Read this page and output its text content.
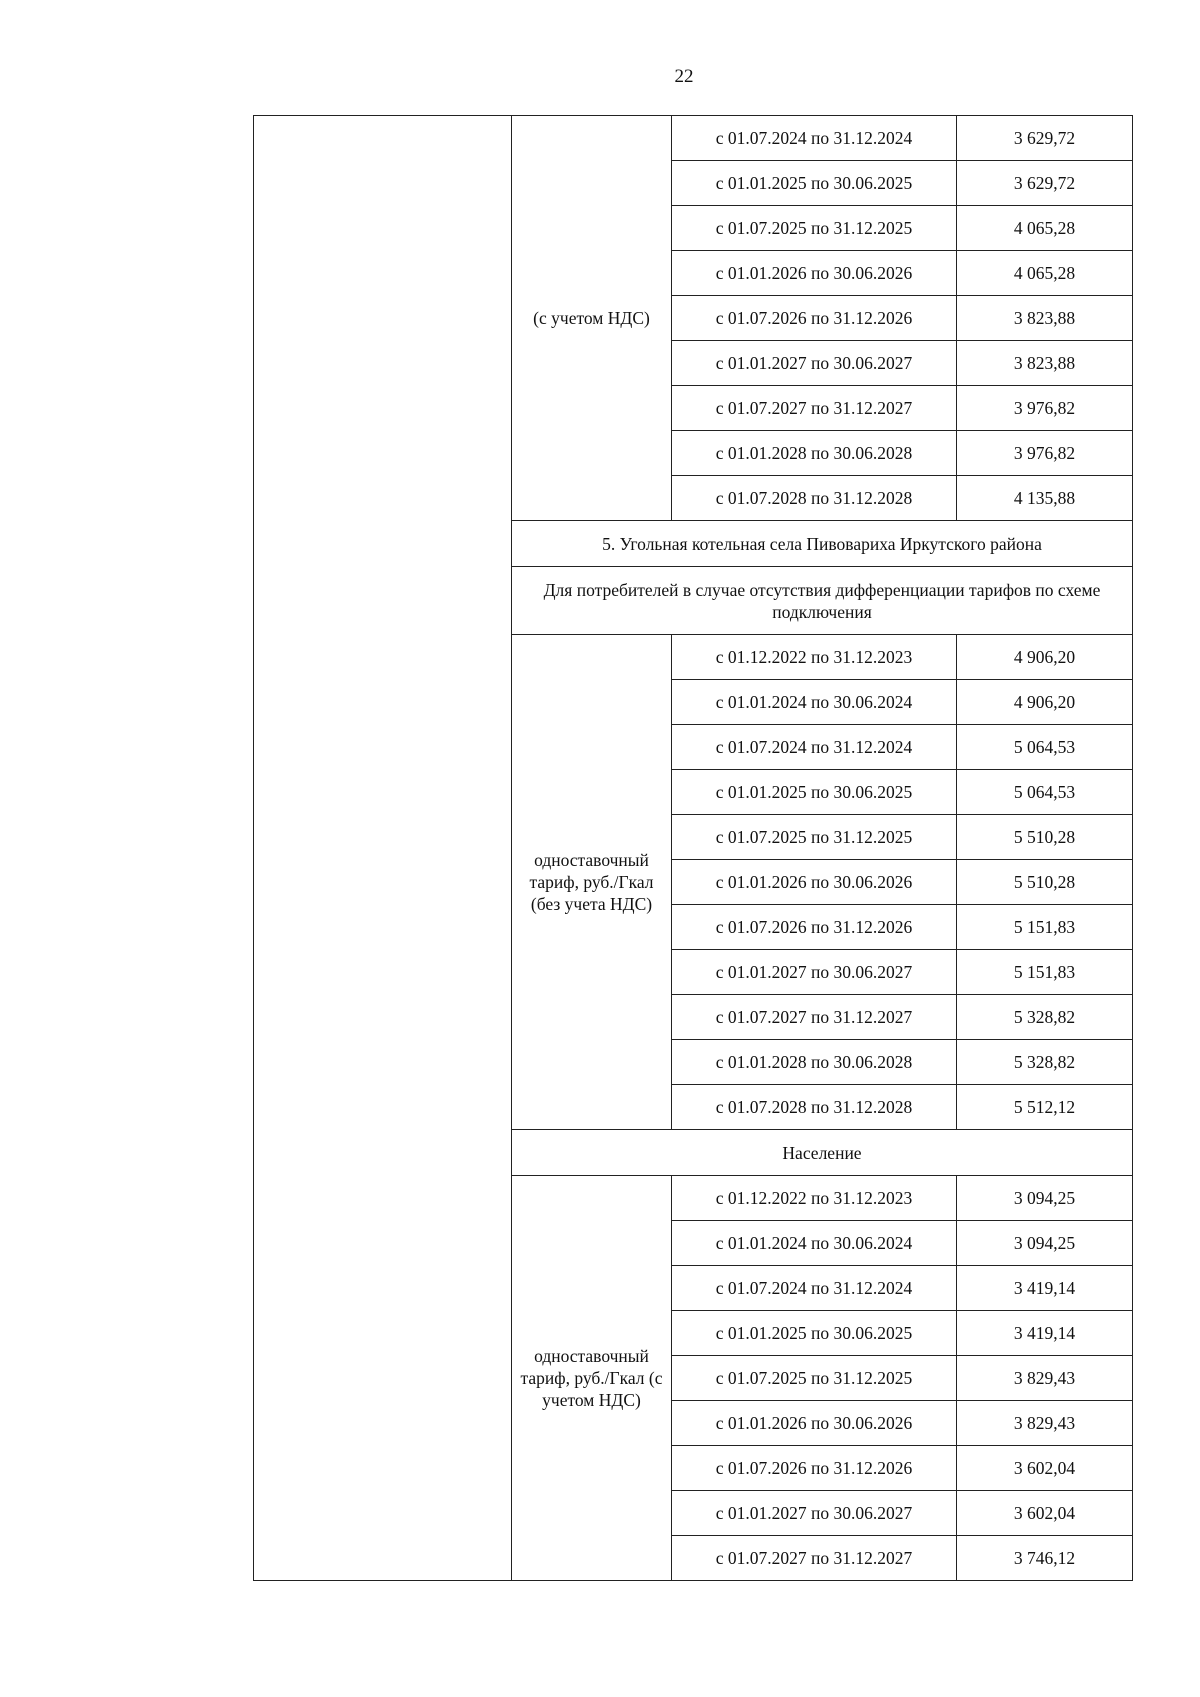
22
	(с учетом НДС)	с 01.07.2024 по 31.12.2024	3 629,72
		с 01.01.2025 по 30.06.2025	3 629,72
		с 01.07.2025 по 31.12.2025	4 065,28
		с 01.01.2026 по 30.06.2026	4 065,28
		с 01.07.2026 по 31.12.2026	3 823,88
		с 01.01.2027 по 30.06.2027	3 823,88
		с 01.07.2027 по 31.12.2027	3 976,82
		с 01.01.2028 по 30.06.2028	3 976,82
		с 01.07.2028 по 31.12.2028	4 135,88
	5. Угольная котельная села Пивовариха Иркутского района		
	Для потребителей в случае отсутствия дифференциации тарифов по схеме подключения		
	одноставочный тариф, руб./Гкал (без учета НДС)	с 01.12.2022 по 31.12.2023	4 906,20
		с 01.01.2024 по 30.06.2024	4 906,20
		с 01.07.2024 по 31.12.2024	5 064,53
		с 01.01.2025 по 30.06.2025	5 064,53
		с 01.07.2025 по 31.12.2025	5 510,28
		с 01.01.2026 по 30.06.2026	5 510,28
		с 01.07.2026 по 31.12.2026	5 151,83
		с 01.01.2027 по 30.06.2027	5 151,83
		с 01.07.2027 по 31.12.2027	5 328,82
		с 01.01.2028 по 30.06.2028	5 328,82
		с 01.07.2028 по 31.12.2028	5 512,12
	Население		
	одноставочный тариф, руб./Гкал (с учетом НДС)	с 01.12.2022 по 31.12.2023	3 094,25
		с 01.01.2024 по 30.06.2024	3 094,25
		с 01.07.2024 по 31.12.2024	3 419,14
		с 01.01.2025 по 30.06.2025	3 419,14
		с 01.07.2025 по 31.12.2025	3 829,43
		с 01.01.2026 по 30.06.2026	3 829,43
		с 01.07.2026 по 31.12.2026	3 602,04
		с 01.01.2027 по 30.06.2027	3 602,04
		с 01.07.2027 по 31.12.2027	3 746,12
